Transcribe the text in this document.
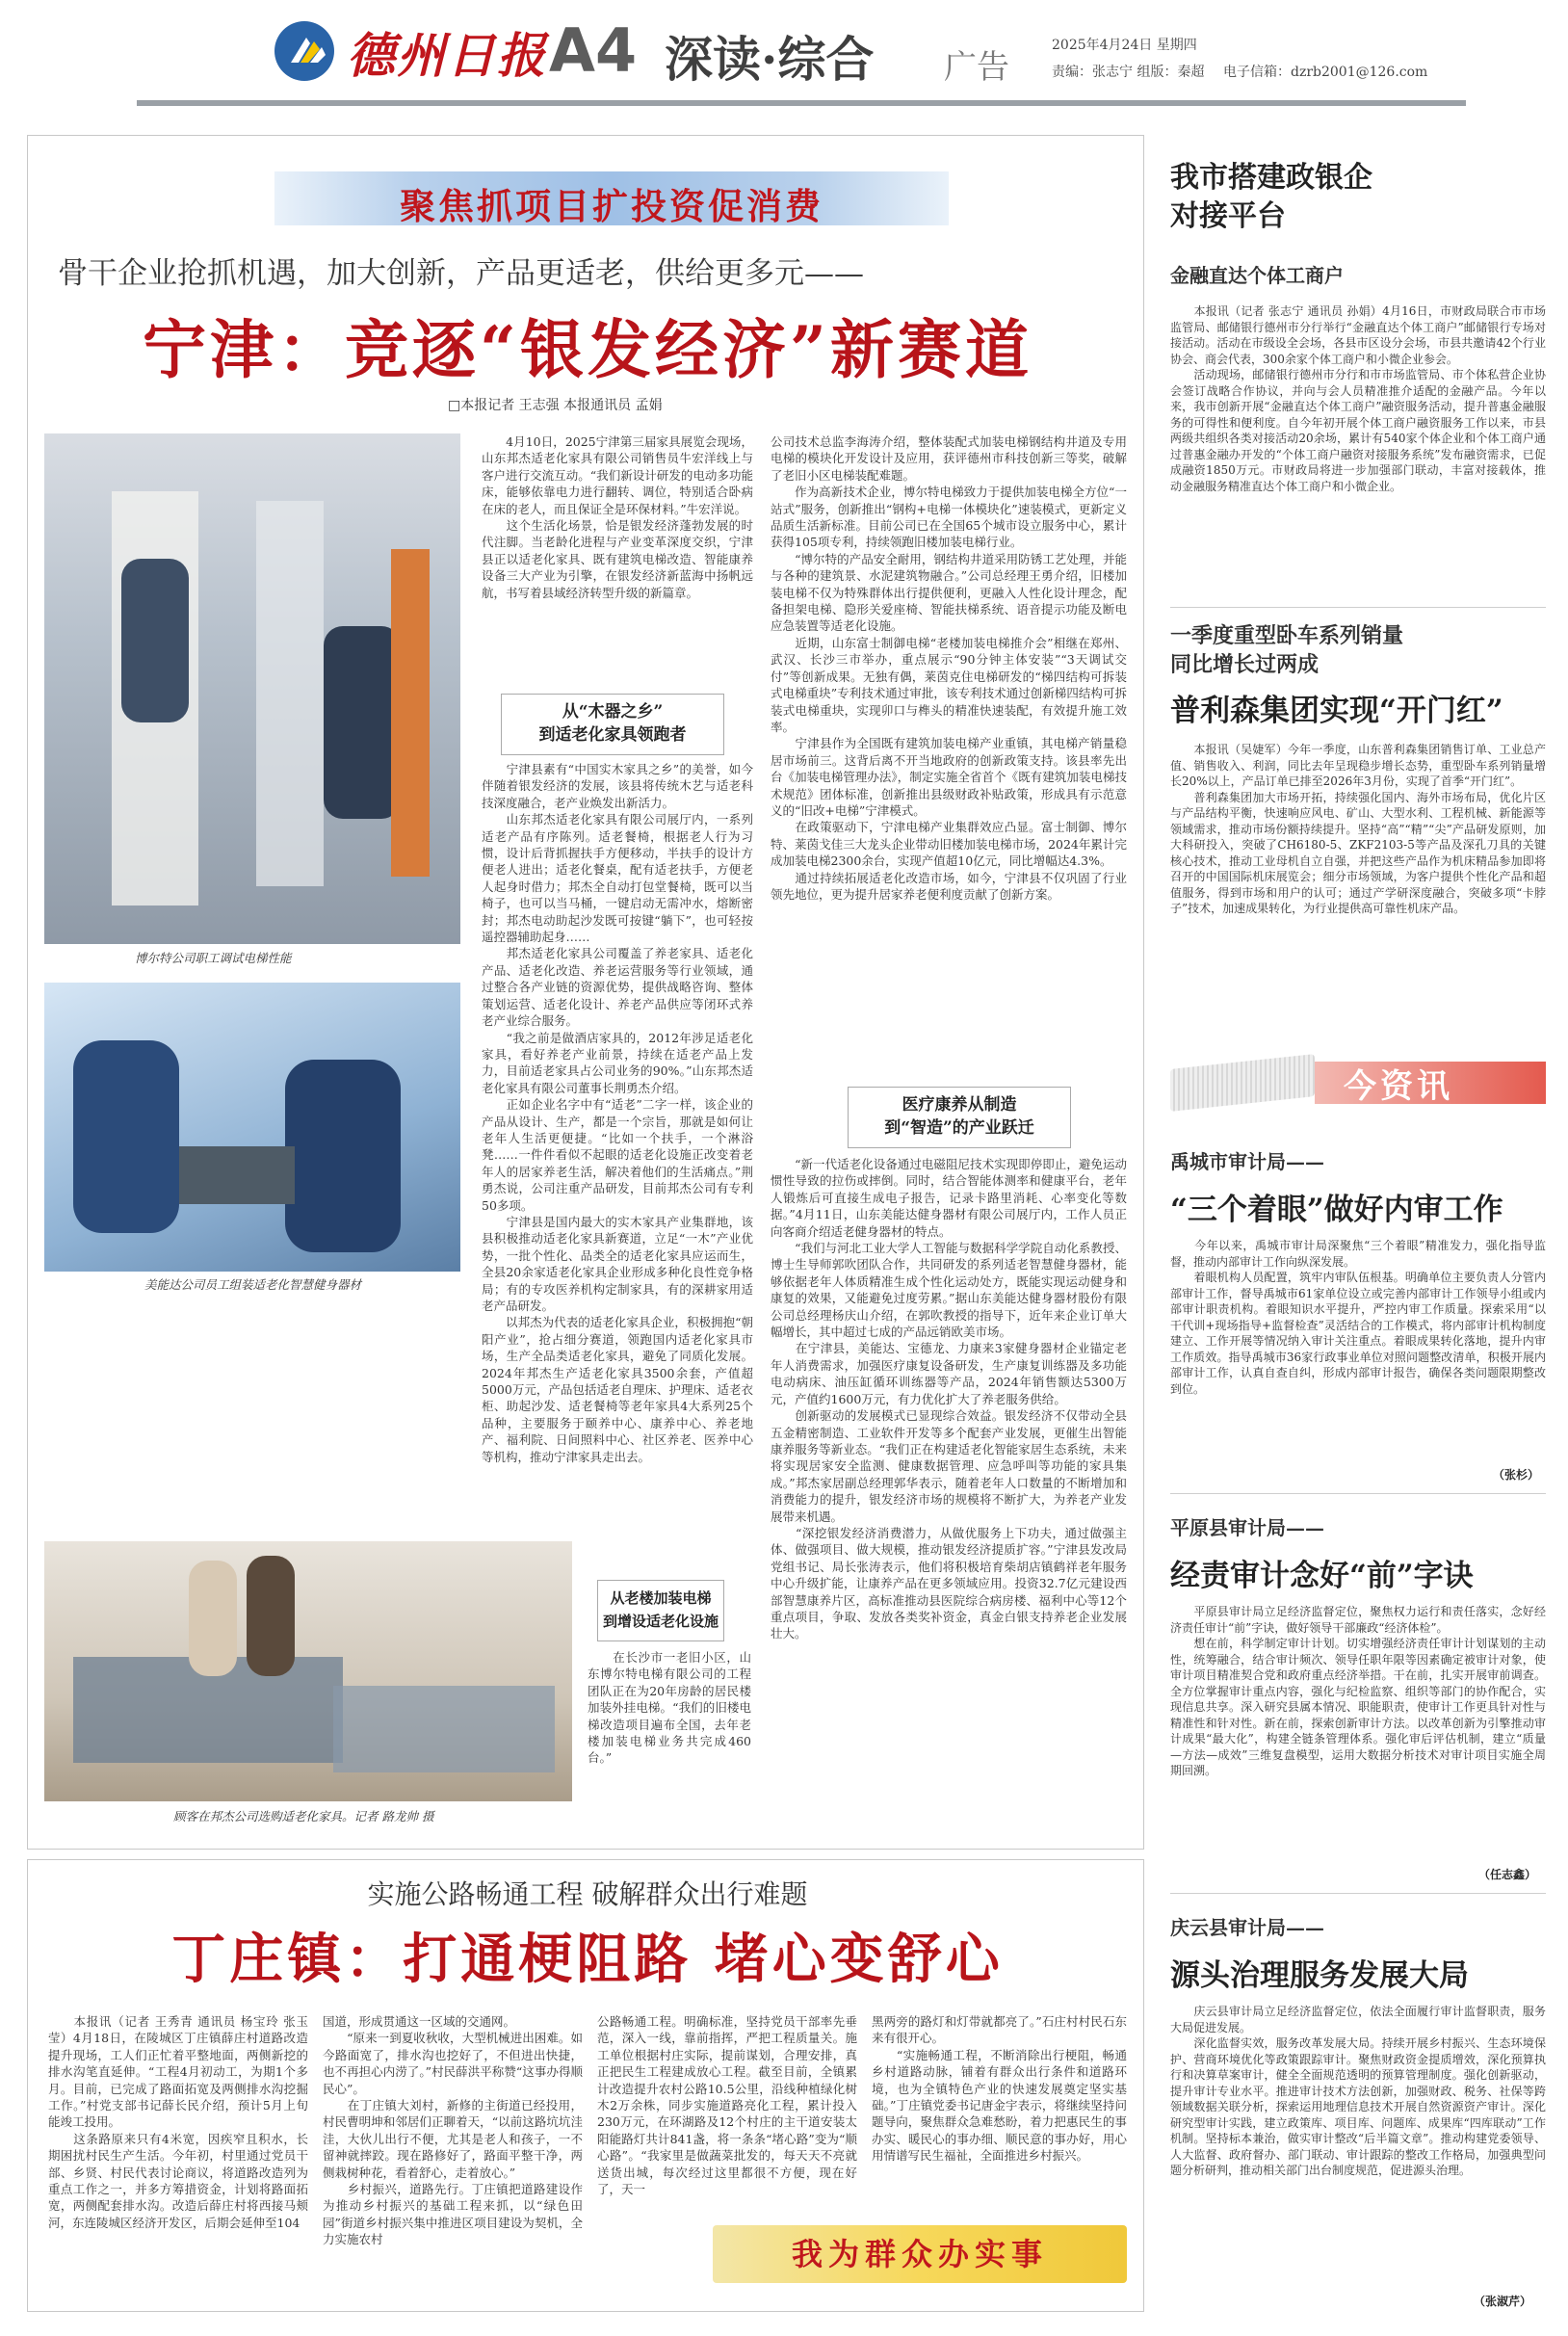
德州日报 A4 深读·综合 广告
2025年4月24日 星期四
责编：张志宁 组版：秦超 电子信箱：dzrb2001@126.com
聚焦抓项目扩投资促消费
骨干企业抢抓机遇，加大创新，产品更适老，供给更多元——
宁津：竞逐“银发经济”新赛道
□本报记者 王志强 本报通讯员 孟娟
博尔特公司职工调试电梯性能
美能达公司员工组装适老化智慧健身器材
顾客在邦杰公司选购适老化家具。记者 路龙帅 摄
　　4月10日，2025宁津第三届家具展览会现场，山东邦杰适老化家具有限公司销售员牛宏洋线上与客户进行交流互动。“我们新设计研发的电动多功能床，能够依靠电力进行翻转、调位，特别适合卧病在床的老人，而且保证全是环保材料。”牛宏洋说。
　　这个生活化场景，恰是银发经济蓬勃发展的时代注脚。当老龄化进程与产业变革深度交织，宁津县正以适老化家具、既有建筑电梯改造、智能康养设备三大产业为引擎，在银发经济新蓝海中扬帆远航，书写着县域经济转型升级的新篇章。
从“木器之乡”
到适老化家具领跑者
　　宁津县素有“中国实木家具之乡”的美誉，如今伴随着银发经济的发展，该县将传统木艺与适老科技深度融合，老产业焕发出新活力。
　　山东邦杰适老化家具有限公司展厅内，一系列适老产品有序陈列。适老餐椅，根据老人行为习惯，设计后背抓握扶手方便移动，半扶手的设计方便老人进出；适老化餐桌，配有适老扶手，方便老人起身时借力；邦杰全自动打包堂餐椅，既可以当椅子，也可以当马桶，一键启动无需冲水，熔断密封；邦杰电动助起沙发既可按键“躺下”，也可轻按遥控器辅助起身……
　　邦杰适老化家具公司覆盖了养老家具、适老化产品、适老化改造、养老运营服务等行业领域，通过整合各产业链的资源优势，提供战略咨询、整体策划运营、适老化设计、养老产品供应等闭环式养老产业综合服务。
　　“我之前是做酒店家具的，2012年涉足适老化家具，看好养老产业前景，持续在适老产品上发力，目前适老家具占公司业务的90%。”山东邦杰适老化家具有限公司董事长荆勇杰介绍。
　　正如企业名字中有“适老”二字一样，该企业的产品从设计、生产，都是一个宗旨，那就是如何让老年人生活更便捷。“比如一个扶手，一个淋浴凳……一件件看似不起眼的适老化设施正改变着老年人的居家养老生活，解决着他们的生活痛点。”荆勇杰说，公司注重产品研发，目前邦杰公司有专利50多项。
　　宁津县是国内最大的实木家具产业集群地，该县积极推动适老化家具新赛道，立足“一木”产业优势，一批个性化、品类全的适老化家具应运而生，全县20余家适老化家具企业形成多种化良性竞争格局；有的专攻医养机构定制家具，有的深耕家用适老产品研发。
　　以邦杰为代表的适老化家具企业，积极拥抱“朝阳产业”，抢占细分赛道，领跑国内适老化家具市场，生产全品类适老化家具，避免了同质化发展。2024年邦杰生产适老化家具3500余套，产值超5000万元，产品包括适老自理床、护理床、适老衣柜、助起沙发、适老餐椅等老年家具4大系列25个品种，主要服务于颐养中心、康养中心、养老地产、福利院、日间照料中心、社区养老、医养中心等机构，推动宁津家具走出去。
公司技术总监李海涛介绍，整体装配式加装电梯钢结构井道及专用电梯的模块化开发设计及应用，获评德州市科技创新三等奖，破解了老旧小区电梯装配难题。
　　作为高新技术企业，博尔特电梯致力于提供加装电梯全方位“一站式”服务，创新推出“钢构+电梯一体模块化”速装模式，更新定义品质生活新标准。目前公司已在全国65个城市设立服务中心，累计获得105项专利，持续领跑旧楼加装电梯行业。
　　“博尔特的产品安全耐用，钢结构井道采用防锈工艺处理，并能与各种的建筑景、水泥建筑物融合。”公司总经理王勇介绍，旧楼加装电梯不仅为特殊群体出行提供便利，更融入人性化设计理念，配备担架电梯、隐形关爱座椅、智能扶梯系统、语音提示功能及断电应急装置等适老化设施。
　　近期，山东富士制御电梯“老楼加装电梯推介会”相继在郑州、武汉、长沙三市举办，重点展示“90分钟主体安装”“3天调试交付”等创新成果。无独有偶，莱茵克住电梯研发的“梯四结构可拆装式电梯重块”专利技术通过审批，该专利技术通过创新梯四结构可拆装式电梯重块，实现卯口与榫头的精准快速装配，有效提升施工效率。
　　宁津县作为全国既有建筑加装电梯产业重镇，其电梯产销量稳居市场前三。这背后离不开当地政府的创新政策支持。该县率先出台《加装电梯管理办法》，制定实施全省首个《既有建筑加装电梯技术规范》团体标准，创新推出县级财政补贴政策，形成具有示范意义的“旧改+电梯”宁津模式。
　　在政策驱动下，宁津电梯产业集群效应凸显。富士制御、博尔特、莱茵戈佳三大龙头企业带动旧楼加装电梯市场，2024年累计完成加装电梯2300余台，实现产值超10亿元，同比增幅达4.3%。
　　通过持续拓展适老化改造市场，如今，宁津县不仅巩固了行业领先地位，更为提升居家养老便利度贡献了创新方案。
医疗康养从制造
到“智造”的产业跃迁
　　“新一代适老化设备通过电磁阻尼技术实现即停即止，避免运动惯性导致的拉伤或摔倒。同时，结合智能体测率和健康平台，老年人锻炼后可直接生成电子报告，记录卡路里消耗、心率变化等数据。”4月11日，山东美能达健身器材有限公司展厅内，工作人员正向客商介绍适老健身器材的特点。
　　“我们与河北工业大学人工智能与数据科学学院自动化系教授、博士生导师郭吹团队合作，共同研发的系列适老智慧健身器材，能够依据老年人体质精准生成个性化运动处方，既能实现运动健身和康复的效果，又能避免过度劳累。”据山东美能达健身器材股份有限公司总经理杨庆山介绍，在郭吹教授的指导下，近年来企业订单大幅增长，其中超过七成的产品远销欧美市场。
　　在宁津县，美能达、宝德龙、力康来3家健身器材企业锚定老年人消费需求，加强医疗康复设备研发，生产康复训练器及多功能电动病床、油压缸循环训练器等产品，2024年销售额达5300万元，产值约1600万元，有力优化扩大了养老服务供给。
　　创新驱动的发展模式已显现综合效益。银发经济不仅带动全县五金精密制造、工业软件开发等多个配套产业发展，更催生出智能康养服务等新业态。“我们正在构建适老化智能家居生态系统，未来将实现居家安全监测、健康数据管理、应急呼叫等功能的家具集成。”邦杰家居副总经理郭华表示，随着老年人口数量的不断增加和消费能力的提升，银发经济市场的规模将不断扩大，为养老产业发展带来机遇。
　　“深挖银发经济消费潜力，从做优服务上下功夫，通过做强主体、做强项目、做大规模，推动银发经济提质扩容。”宁津县发改局党组书记、局长张涛表示，他们将积极培育柴胡店镇鹤祥老年服务中心升级扩能，让康养产品在更多领域应用。投资32.7亿元建设西部智慧康养片区，高标准推动县医院综合病房楼、福利中心等12个重点项目，争取、发放各类奖补资金，真金白银支持养老企业发展壮大。
从老楼加装电梯
到增设适老化设施
　　在长沙市一老旧小区，山东博尔特电梯有限公司的工程团队正在为20年房龄的居民楼加装外挂电梯。“我们的旧楼电梯改造项目遍布全国，去年老楼加装电梯业务共完成460台。”
实施公路畅通工程 破解群众出行难题
丁庄镇：打通梗阻路 堵心变舒心
　　本报讯（记者 王秀青 通讯员 杨宝玲 张玉莹）4月18日，在陵城区丁庄镇薛庄村道路改造提升现场，工人们正忙着平整地面，两侧新挖的排水沟笔直延伸。“工程4月初动工，为期1个多月。目前，已完成了路面拓宽及两侧排水沟挖掘工作。”村党支部书记薛长民介绍，预计5月上旬能竣工投用。
　　这条路原来只有4米宽，因疾窄且积水，长期困扰村民生产生活。今年初，村里通过党员干部、乡贤、村民代表讨论商议，将道路改造列为重点工作之一，并多方筹措资金，计划将路面拓宽，两侧配套排水沟。改造后薛庄村将西接马颊河，东连陵城区经济开发区，后期会延伸至104
国道，形成贯通这一区域的交通网。
　　“原来一到夏收秋收，大型机械进出困难。如今路面宽了，排水沟也挖好了，不但进出快捷，也不再担心内涝了。”村民薛洪平称赞“这事办得顺民心”。
　　在丁庄镇大刘村，新修的主街道已经投用，村民曹明坤和邻居们正聊着天，“以前这路坑坑洼洼，大伙儿出行不便，尤其是老人和孩子，一不留神就摔跤。现在路修好了，路面平整干净，两侧栽树种花，看着舒心，走着放心。”
　　乡村振兴，道路先行。丁庄镇把道路建设作为推动乡村振兴的基础工程来抓，以“绿色田园”街道乡村振兴集中推进区项目建设为契机，全力实施农村
公路畅通工程。明确标准，坚持党员干部率先垂范，深入一线，靠前指挥，严把工程质量关。施工单位根据村庄实际，提前谋划，合理安排，真正把民生工程建成放心工程。截至目前，全镇累计改造提升农村公路10.5公里，沿线种植绿化树木2万余株，同步实施道路亮化工程，累计投入230万元，在环湖路及12个村庄的主干道安装太阳能路灯共计841盏，将一条条“堵心路”变为“顺心路”。“我家里是做蔬菜批发的，每天天不亮就送货出城，每次经过这里都很不方便，现在好了，天一
黑两旁的路灯和灯带就都亮了。”石庄村村民石东来有很开心。
　　“实施畅通工程，不断消除出行梗阻，畅通乡村道路动脉，铺着有群众出行条件和道路环境，也为全镇特色产业的快速发展奠定坚实基础。”丁庄镇党委书记唐金宇表示，将继续坚持问题导向，聚焦群众急难愁盼，着力把惠民生的事办实、暖民心的事办细、顺民意的事办好，用心用情谱写民生福祉，全面推进乡村振兴。
我为群众办实事
我市搭建政银企
对接平台
金融直达个体工商户
　　本报讯（记者 张志宁 通讯员 孙娟）4月16日，市财政局联合市市场监管局、邮储银行德州市分行举行“金融直达个体工商户”邮储银行专场对接活动。活动在市级设全会场，各县市区设分会场，市县共邀请42个行业协会、商会代表，300余家个体工商户和小微企业参会。
　　活动现场，邮储银行德州市分行和市市场监管局、市个体私营企业协会签订战略合作协议，并向与会人员精准推介适配的金融产品。今年以来，我市创新开展“金融直达个体工商户”融资服务活动，提升普惠金融服务的可得性和便利度。自今年初开展个体工商户融资服务工作以来，市县两级共组织各类对接活动20余场，累计有540家个体企业和个体工商户通过普惠金融办开发的“个体工商户融资对接服务系统”发布融资需求，已促成融资1850万元。市财政局将进一步加强部门联动，丰富对接载体，推动金融服务精准直达个体工商户和小微企业。
一季度重型卧车系列销量
同比增长过两成
普利森集团实现“开门红”
　　本报讯（吴婕军）今年一季度，山东普利森集团销售订单、工业总产值、销售收入、利润，同比去年呈现稳步增长态势，重型卧车系列销量增长20%以上，产品订单已排至2026年3月份，实现了首季“开门红”。
　　普利森集团加大市场开拓，持续强化国内、海外市场布局，优化片区与产品结构平衡，快速响应风电、矿山、大型水利、工程机械、新能源等领域需求，推动市场份额持续提升。坚持“高”“精”“尖”产品研发原则，加大科研投入，突破了CH6180-5、ZKF2103-5等产品及深孔刀具的关键核心技术，推动工业母机自立自强，并把这些产品作为机床精品参加即将召开的中国国际机床展览会；细分市场领域，为客户提供个性化产品和超值服务，得到市场和用户的认可；通过产学研深度融合，突破多项“卡脖子”技术，加速成果转化，为行业提供高可靠性机床产品。
今资讯
禹城市审计局——
“三个着眼”做好内审工作
　　今年以来，禹城市审计局深聚焦“三个着眼”精准发力，强化指导监督，推动内部审计工作向纵深发展。
　　着眼机构人员配置，筑牢内审队伍根基。明确单位主要负责人分管内部审计工作，督导禹城市61家单位设立或完善内部审计工作领导小组或内部审计职责机构。着眼知识水平提升，严控内审工作质量。探索采用“以干代训+现场指导+监督检查”灵活结合的工作模式，将内部审计机构制度建立、工作开展等情况纳入审计关注重点。着眼成果转化落地，提升内审工作质效。指导禹城市36家行政事业单位对照问题整改清单，积极开展内部审计工作，认真自查自纠，形成内部审计报告，确保各类问题限期整改到位。
（张杉）
平原县审计局——
经责审计念好“前”字诀
　　平原县审计局立足经济监督定位，聚焦权力运行和责任落实，念好经济责任审计“前”字诀，做好领导干部廉政“经济体检”。
　　想在前，科学制定审计计划。切实增强经济责任审计计划谋划的主动性，统筹融合，结合审计频次、领导任职年限等因素确定被审计对象，使审计项目精准契合党和政府重点经济举措。干在前，扎实开展审前调查。全方位掌握审计重点内容，强化与纪检监察、组织等部门的协作配合，实现信息共享。深入研究县属本情况、职能职责，使审计工作更具针对性与精准性和针对性。新在前，探索创新审计方法。以改革创新为引擎推动审计成果“最大化”，构建全链条管理体系。强化审后评估机制，建立“质量—方法—成效”三维复盘模型，运用大数据分析技术对审计项目实施全周期回溯。
（任志鑫）
庆云县审计局——
源头治理服务发展大局
　　庆云县审计局立足经济监督定位，依法全面履行审计监督职责，服务大局促进发展。
　　深化监督实效，服务改革发展大局。持续开展乡村振兴、生态环境保护、营商环境优化等政策跟踪审计。聚焦财政资金提质增效，深化预算执行和决算草案审计，健全全面规范透明的预算管理制度。强化创新驱动，提升审计专业水平。推进审计技术方法创新，加强财政、税务、社保等跨领域数据关联分析，探索运用地理信息技术开展自然资源资产审计。深化研究型审计实践，建立政策库、项目库、问题库、成果库“四库联动”工作机制。坚持标本兼治，做实审计整改“后半篇文章”。推动构建党委领导、人大监督、政府督办、部门联动、审计跟踪的整改工作格局，加强典型问题分析研判，推动相关部门出台制度规范，促进源头治理。
（张淑芹）
